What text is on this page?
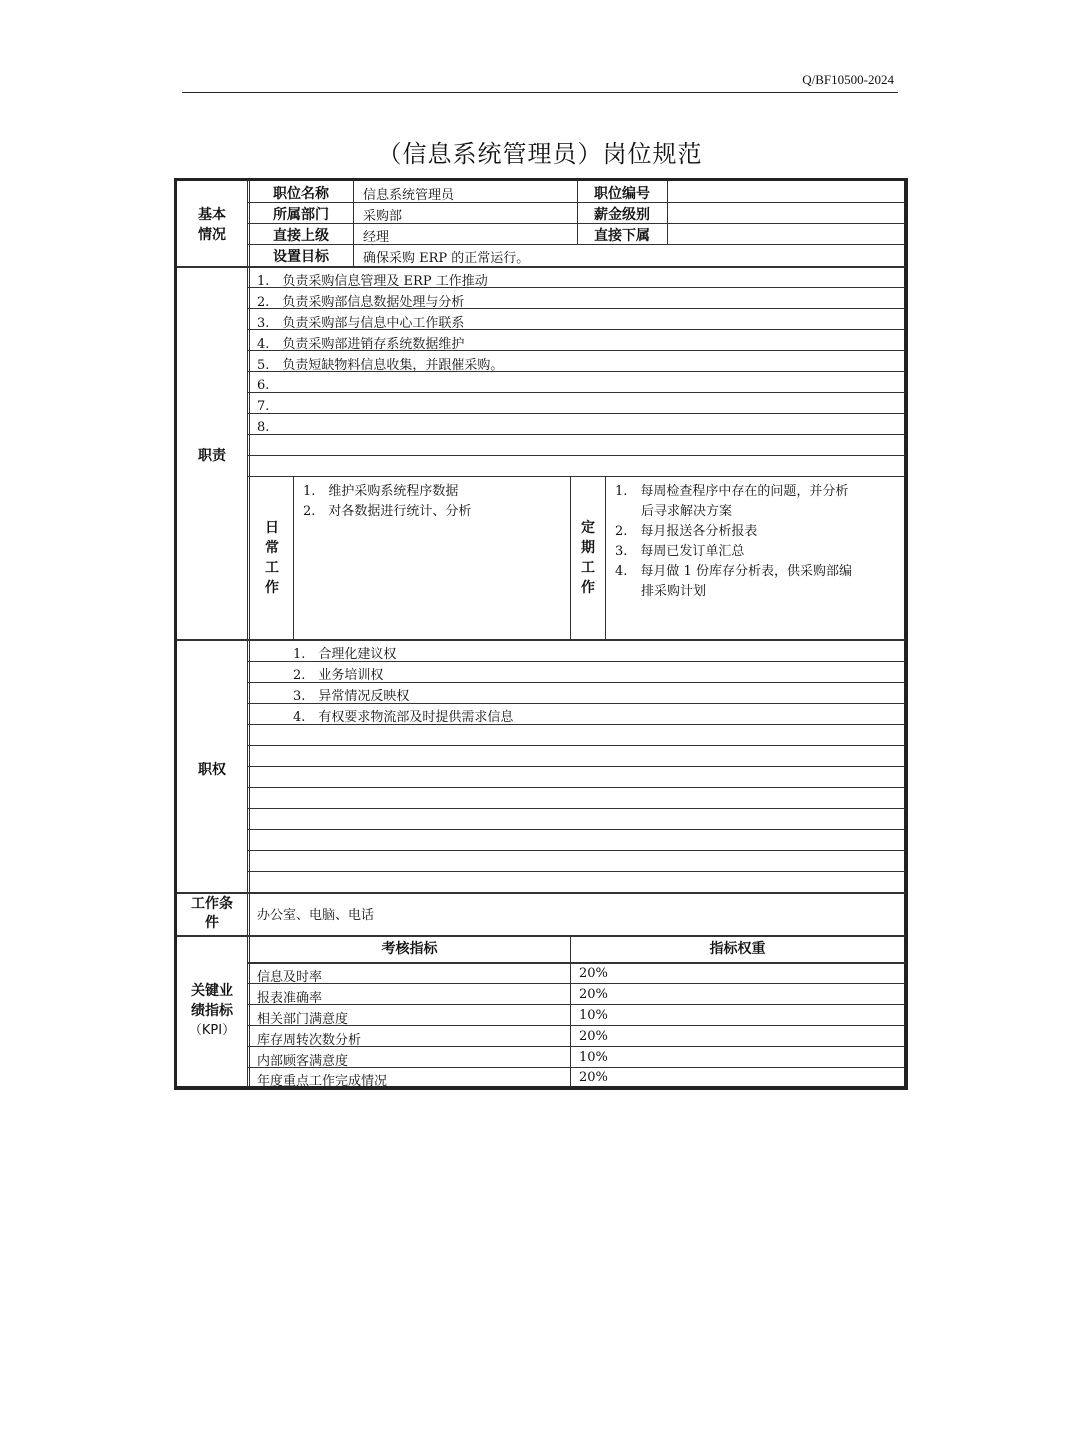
Q/BF10500-2024
（信息系统管理员）岗位规范
基本情况
职位名称	信息系统管理员	职位编号
所属部门	采购部	薪金级别
直接上级	经理	直接下属
设置目标	确保采购 ERP 的正常运行。
职责
1.　负责采购信息管理及 ERP 工作推动
2.　负责采购部信息数据处理与分析
3.　负责采购部与信息中心工作联系
4.　负责采购部进销存系统数据维护
5.　负责短缺物料信息收集，并跟催采购。
6.
7.
8.
日常工作
1.　维护采购系统程序数据
2.　对各数据进行统计、分析
定期工作
1.　每周检查程序中存在的问题，并分析
　　后寻求解决方案
2.　每月报送各分析报表
3.　每周已发订单汇总
4.　每月做 1 份库存分析表，供采购部编
　　排采购计划
职权
1.　合理化建议权
2.　业务培训权
3.　异常情况反映权
4.　有权要求物流部及时提供需求信息
工作条件	办公室、电脑、电话
关键业
绩指标
（KPI）
考核指标	指标权重
信息及时率	20%
报表准确率	20%
相关部门满意度	10%
库存周转次数分析	20%
内部顾客满意度	10%
年度重点工作完成情况	20%
